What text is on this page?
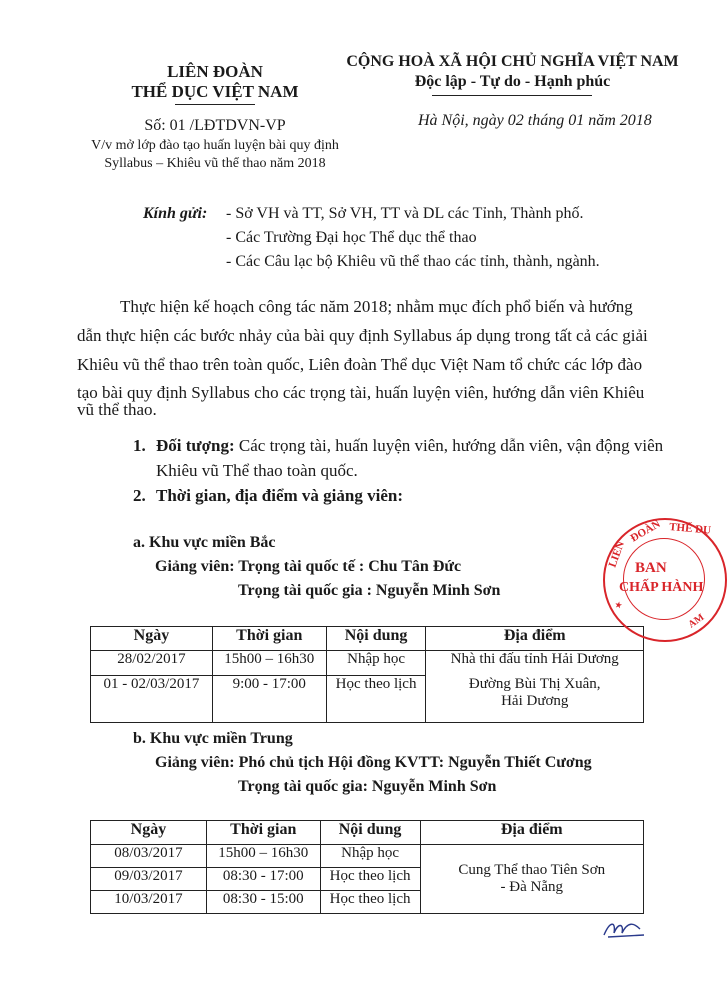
LIÊN ĐOÀN
THỂ DỤC VIỆT NAM
Số: 01 /LĐTDVN-VP
V/v mở lớp đào tạo huấn luyện bài quy định
Syllabus – Khiêu vũ thể thao năm 2018
CỘNG HOÀ XÃ HỘI CHỦ NGHĨA VIỆT NAM
Độc lập - Tự do - Hạnh phúc
Hà Nội, ngày 02 tháng 01 năm 2018
Kính gửi: - Sở VH và TT, Sở VH, TT và DL các Tỉnh, Thành phố.
- Các Trường Đại học Thể dục thể thao
- Các Câu lạc bộ Khiêu vũ thể thao các tỉnh, thành, ngành.
Thực hiện kế hoạch công tác năm 2018; nhằm mục đích phổ biến và hướng
dẫn thực hiện các bước nhảy của bài quy định Syllabus áp dụng trong tất cả các giải
Khiêu vũ thể thao trên toàn quốc, Liên đoàn Thể dục Việt Nam tổ chức các lớp đào
tạo bài quy định Syllabus cho các trọng tài, huấn luyện viên, hướng dẫn viên Khiêu
vũ thể thao.
1. Đối tượng: Các trọng tài, huấn luyện viên, hướng dẫn viên, vận động viên
Khiêu vũ Thể thao toàn quốc.
2. Thời gian, địa điểm và giảng viên:
a. Khu vực miền Bắc
Giảng viên: Trọng tài quốc tế : Chu Tân Đức
Trọng tài quốc gia : Nguyễn Minh Sơn
Ngày	Thời gian	Nội dung	Địa điểm
28/02/2017	15h00 – 16h30	Nhập học	Nhà thi đấu tỉnh Hải Dương
01 - 02/03/2017	9:00 - 17:00	Học theo lịch	Đường Bùi Thị Xuân,
Hải Dương
b. Khu vực miền Trung
Giảng viên: Phó chủ tịch Hội đồng KVTT: Nguyễn Thiết Cương
Trọng tài quốc gia: Nguyễn Minh Sơn
Ngày	Thời gian	Nội dung	Địa điểm
08/03/2017	15h00 – 16h30	Nhập học	Cung Thể thao Tiên Sơn
- Đà Nẵng

09/03/2017	08:30 - 17:00	Học theo lịch	
10/03/2017	08:30 - 15:00	Học theo lịch	
BAN
CHẤP HÀNH
LIÊN
ĐOÀN THỂ DỤ
★
AM
